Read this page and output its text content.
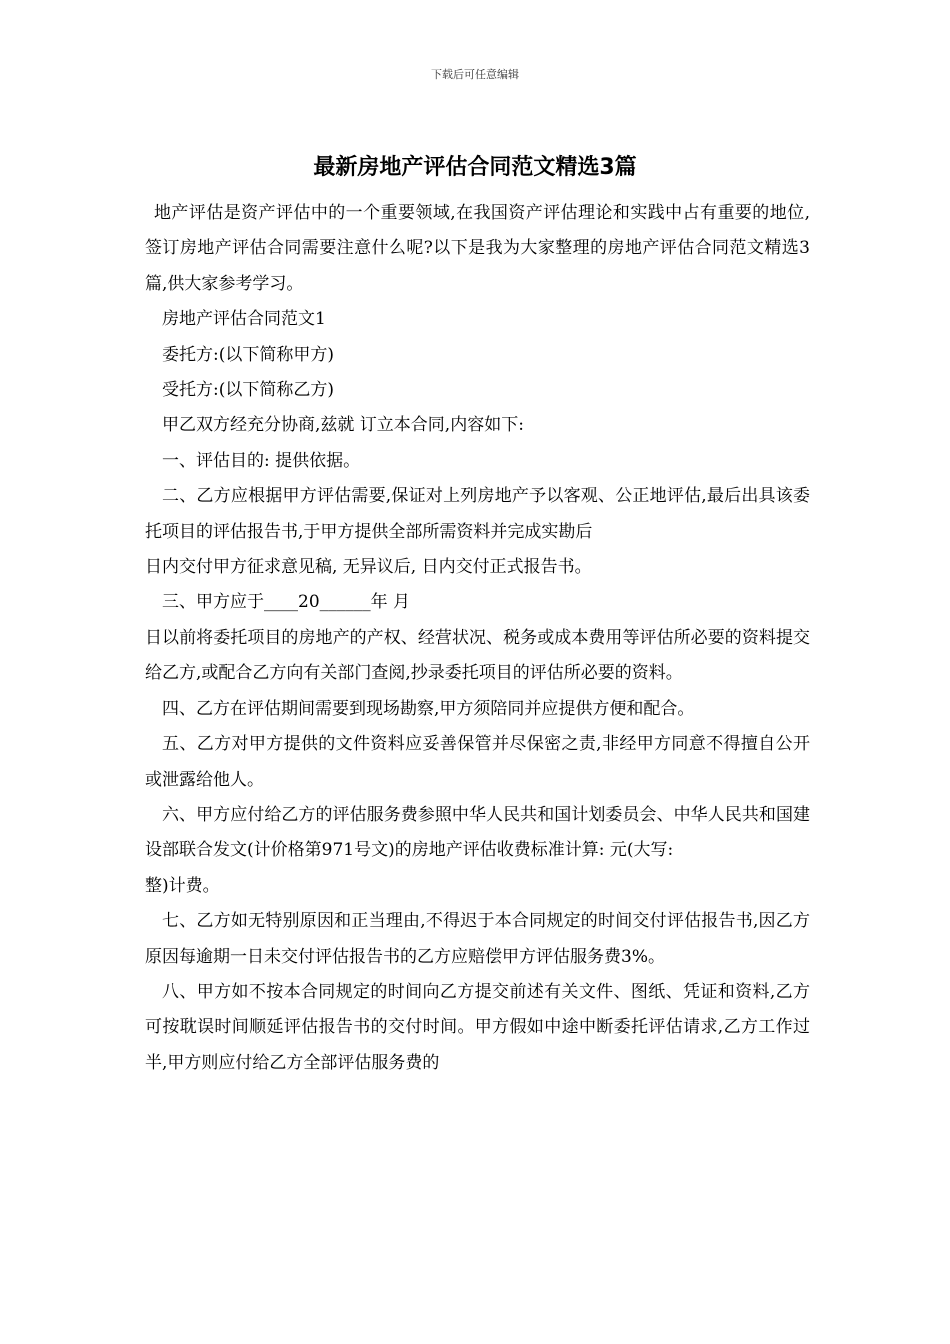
下载后可任意编辑
最新房地产评估合同范文精选3篇

地产评估是资产评估中的一个重要领域,在我国资产评估理论和实践中占有重要的地位,签订房地产评估合同需要注意什么呢?以下是我为大家整理的房地产评估合同范文精选3篇,供大家参考学习。

房地产评估合同范文1

委托方:(以下简称甲方)

受托方:(以下简称乙方)

甲乙双方经充分协商,兹就 订立本合同,内容如下:

一、评估目的: 提供依据。

二、乙方应根据甲方评估需要,保证对上列房地产予以客观、公正地评估,最后出具该委托项目的评估报告书,于甲方提供全部所需资料并完成实勘后

日内交付甲方征求意见稿, 无异议后, 日内交付正式报告书。

三、甲方应于____20______年 月

日以前将委托项目的房地产的产权、经营状况、税务或成本费用等评估所必要的资料提交给乙方,或配合乙方向有关部门查阅,抄录委托项目的评估所必要的资料。

四、乙方在评估期间需要到现场勘察,甲方须陪同并应提供方便和配合。

五、乙方对甲方提供的文件资料应妥善保管并尽保密之责,非经甲方同意不得擅自公开或泄露给他人。

六、甲方应付给乙方的评估服务费参照中华人民共和国计划委员会、中华人民共和国建设部联合发文(计价格第971号文)的房地产评估收费标准计算: 元(大写:

整)计费。

七、乙方如无特别原因和正当理由,不得迟于本合同规定的时间交付评估报告书,因乙方原因每逾期一日未交付评估报告书的乙方应赔偿甲方评估服务费3%。

八、甲方如不按本合同规定的时间向乙方提交前述有关文件、图纸、凭证和资料,乙方可按耽误时间顺延评估报告书的交付时间。甲方假如中途中断委托评估请求,乙方工作过半,甲方则应付给乙方全部评估服务费的
